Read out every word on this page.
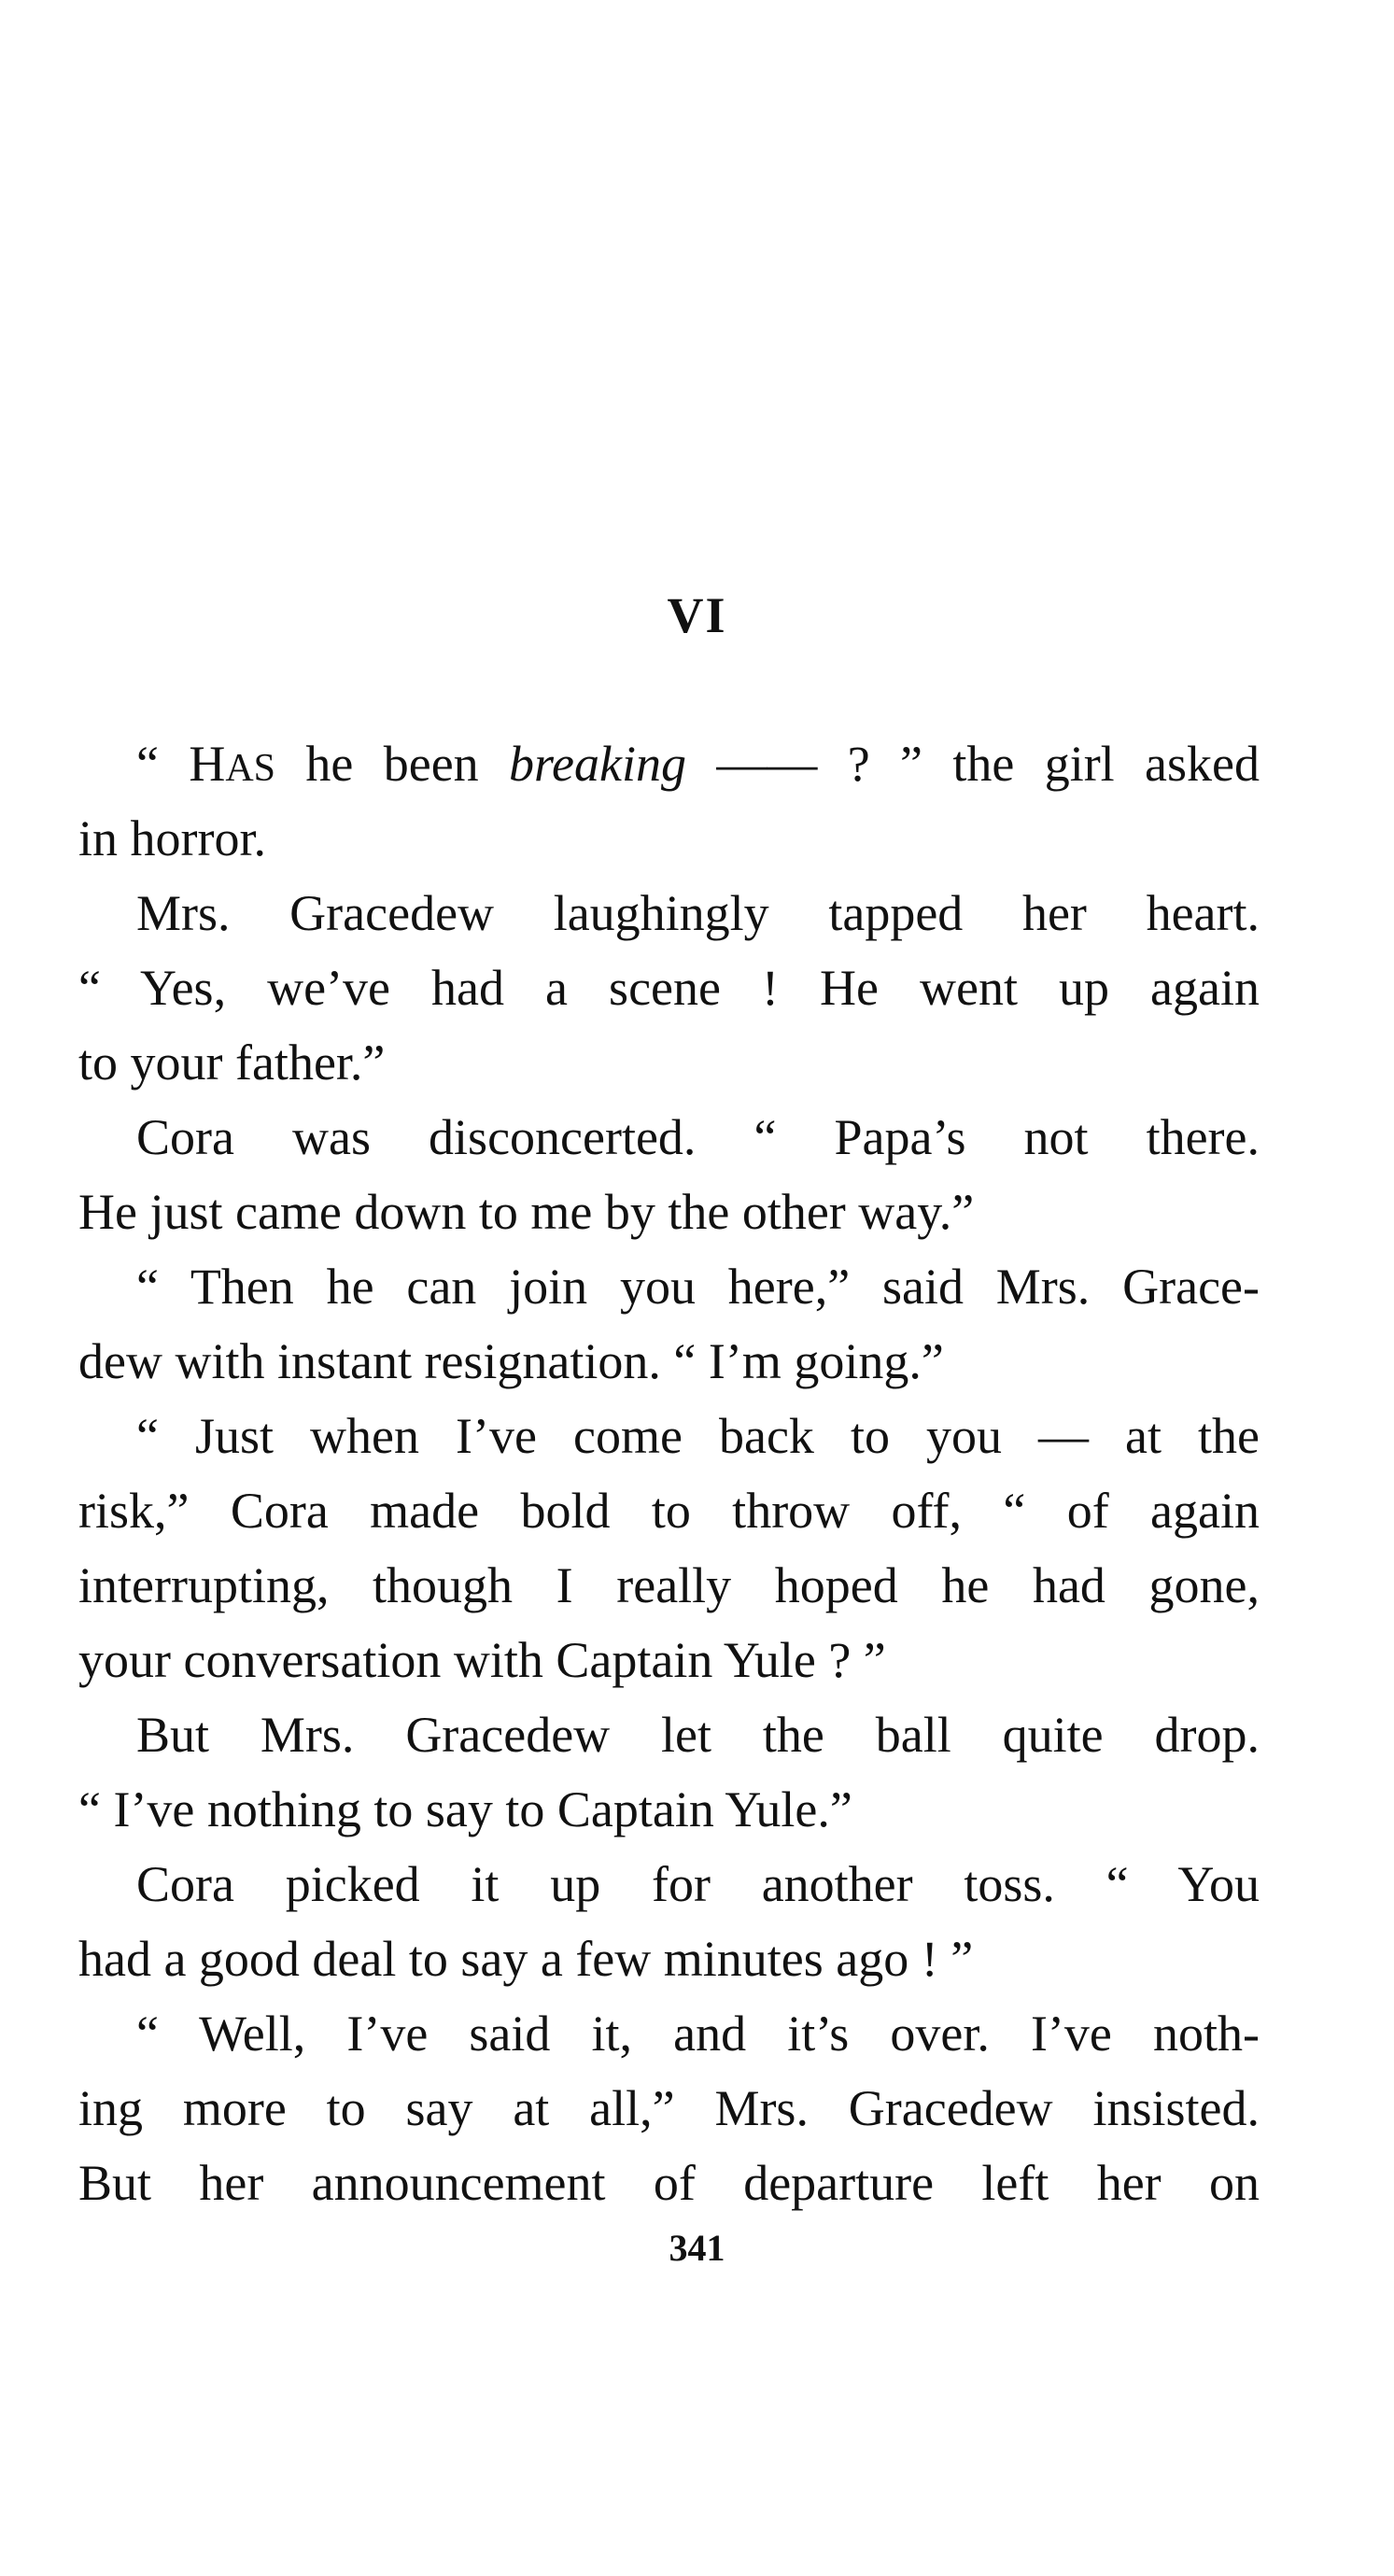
VI
“ HAS he been breaking —— ? ” the girl asked
in horror.
Mrs. Gracedew laughingly tapped her heart.
“ Yes, we’ve had a scene ! He went up again
to your father.”
Cora was disconcerted. “ Papa’s not there.
He just came down to me by the other way.”
“ Then he can join you here,” said Mrs. Grace-
dew with instant resignation. “ I’m going.”
“ Just when I’ve come back to you — at the
risk,” Cora made bold to throw off, “ of again
interrupting, though I really hoped he had gone,
your conversation with Captain Yule ? ”
But Mrs. Gracedew let the ball quite drop.
“ I’ve nothing to say to Captain Yule.”
Cora picked it up for another toss. “ You
had a good deal to say a few minutes ago ! ”
“ Well, I’ve said it, and it’s over. I’ve noth-
ing more to say at all,” Mrs. Gracedew insisted.
But her announcement of departure left her on
341
